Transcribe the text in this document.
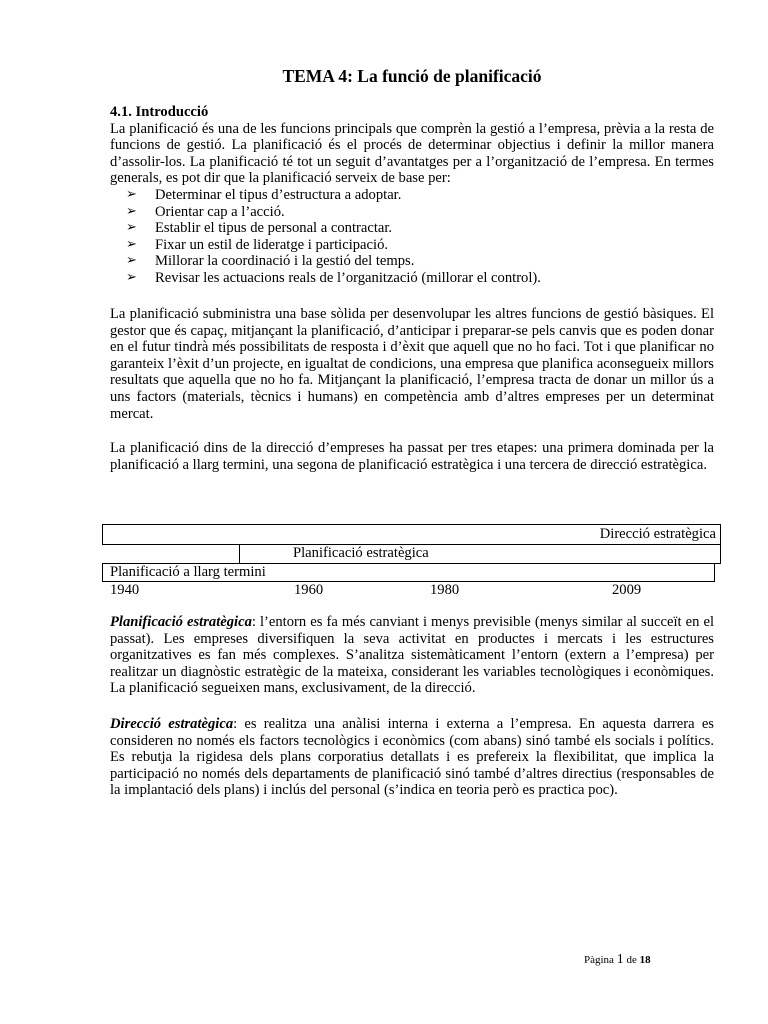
TEMA 4: La funció de planificació
4.1. Introducció

La planificació és una de les funcions principals que comprèn la gestió a l’empresa, prèvia a la resta de funcions de gestió. La planificació és el procés de determinar objectius i definir la millor manera d’assolir-los. La planificació té tot un seguit d’avantatges per a l’organització de l’empresa. En termes generals, es pot dir que la planificació serveix de base per:

➢ Determinar el tipus d’estructura a adoptar.
➢ Orientar cap a l’acció.
➢ Establir el tipus de personal a contractar.
➢ Fixar un estil de lideratge i participació.
➢ Millorar la coordinació i la gestió del temps.
➢ Revisar les actuacions reals de l’organització (millorar el control).

La planificació subministra una base sòlida per desenvolupar les altres funcions de gestió bàsiques. El gestor que és capaç, mitjançant la planificació, d’anticipar i preparar-se pels canvis que es poden donar en el futur tindrà més possibilitats de resposta i d’èxit que aquell que no ho faci. Tot i que planificar no garanteix l’èxit d’un projecte, en igualtat de condicions, una empresa que planifica aconsegueix millors resultats que aquella que no ho fa. Mitjançant la planificació, l’empresa tracta de donar un millor ús a uns factors (materials, tècnics i humans) en competència amb d’altres empreses per un determinat mercat.

La planificació dins de la direcció d’empreses ha passat per tres etapes: una primera dominada per la planificació a llarg termini, una segona de planificació estratègica i una tercera de direcció estratègica.

Planificació estratègica: l’entorn es fa més canviant i menys previsible (menys similar al succeït en el passat). Les empreses diversifiquen la seva activitat en productes i mercats i les estructures organitzatives es fan més complexes. S’analitza sistemàticament l’entorn (extern a l’empresa) per realitzar un diagnòstic estratègic de la mateixa, considerant les variables tecnològiques i econòmiques. La planificació segueixen mans, exclusivament, de la direcció.

Direcció estratègica: es realitza una anàlisi interna i externa a l’empresa. En aquesta darrera es consideren no només els factors tecnològics i econòmics (com abans) sinó també els socials i polítics. Es rebutja la rigidesa dels plans corporatius detallats i es prefereix la flexibilitat, que implica la participació no només dels departaments de planificació sinó també d’altres directius (responsables de la implantació dels plans) i inclús del personal (s’indica en teoria però es practica poc).

Direcció estratègica
Planificació estratègica
Planificació a llarg termini
1940	1960	1980	2009
Pàgina 1 de 18
